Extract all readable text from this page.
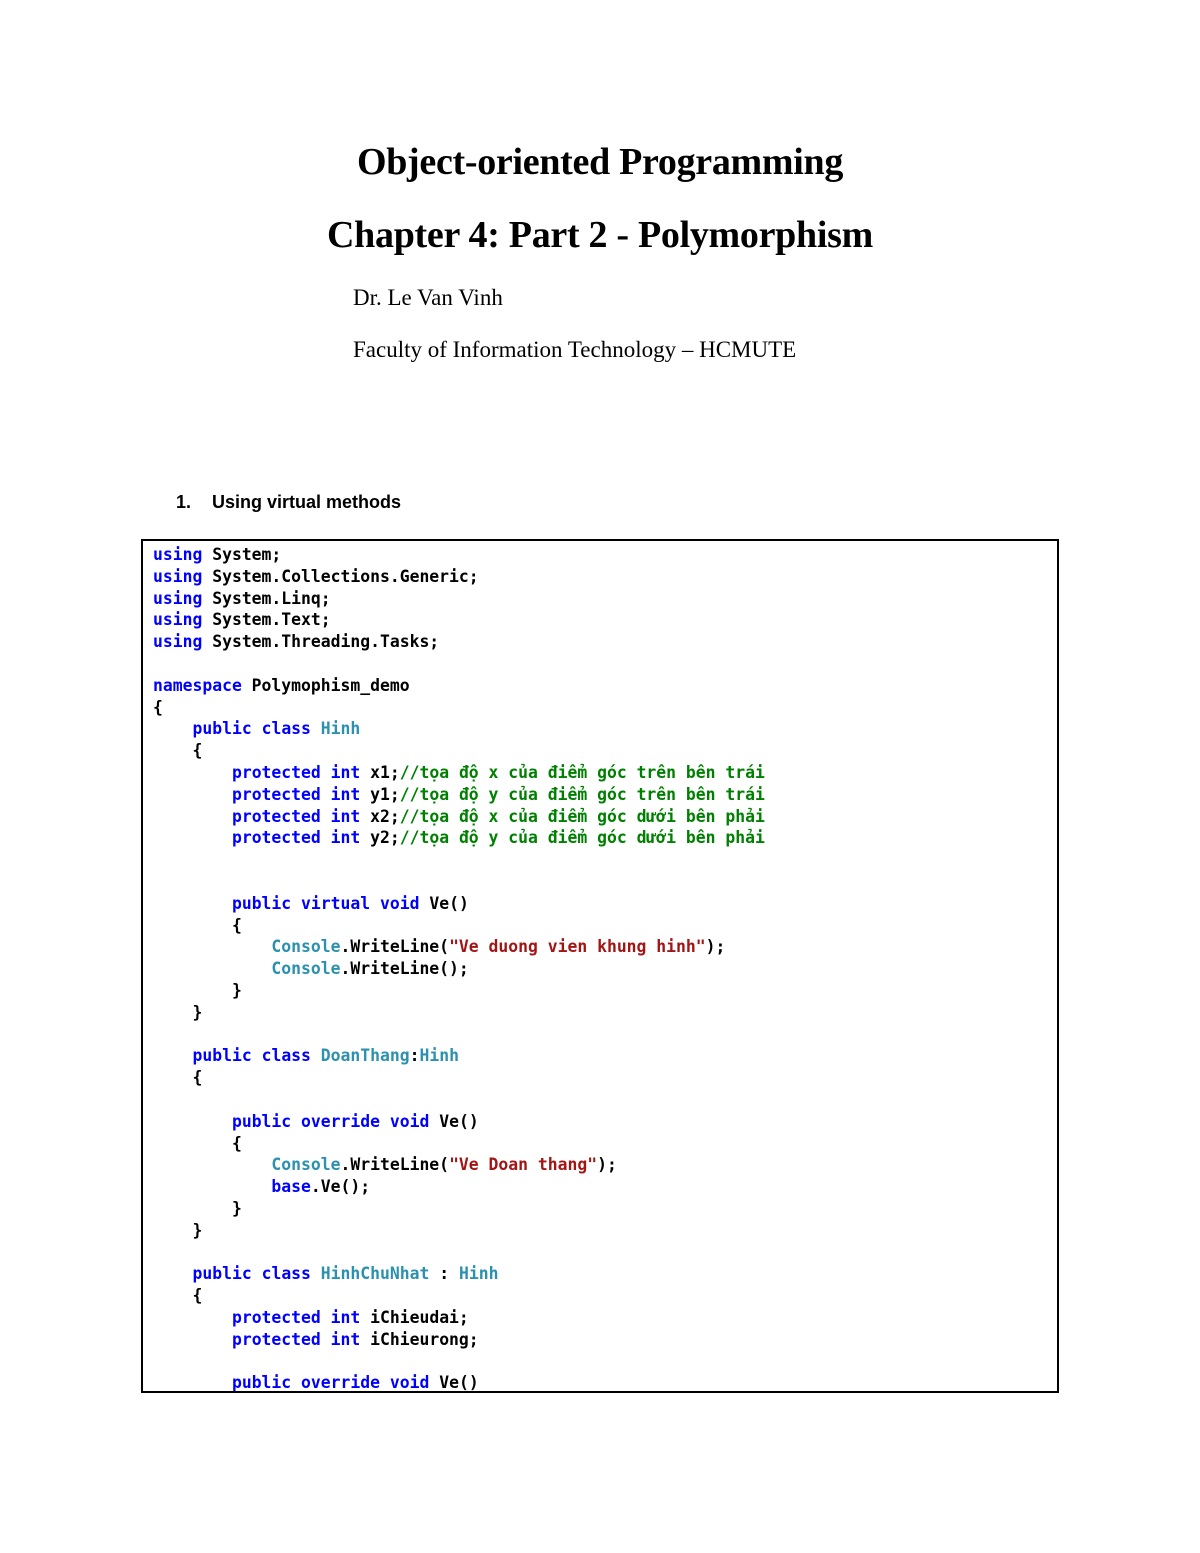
Object-oriented Programming
Chapter 4: Part 2 - Polymorphism
Dr. Le Van Vinh
Faculty of Information Technology – HCMUTE
1. Using virtual methods
using System;
using System.Collections.Generic;
using System.Linq;
using System.Text;
using System.Threading.Tasks;

namespace Polymophism_demo
{
public class Hinh
{
protected int x1;//tọa độ x của điểm góc trên bên trái
protected int y1;//tọa độ y của điểm góc trên bên trái
protected int x2;//tọa độ x của điểm góc dưới bên phải
protected int y2;//tọa độ y của điểm góc dưới bên phải

public virtual void Ve()
{
Console.WriteLine("Ve duong vien khung hinh");
Console.WriteLine();
}
}

public class DoanThang:Hinh
{

public override void Ve()
{
Console.WriteLine("Ve Doan thang");
base.Ve();
}
}

public class HinhChuNhat : Hinh
{
protected int iChieudai;
protected int iChieurong;

public override void Ve()
